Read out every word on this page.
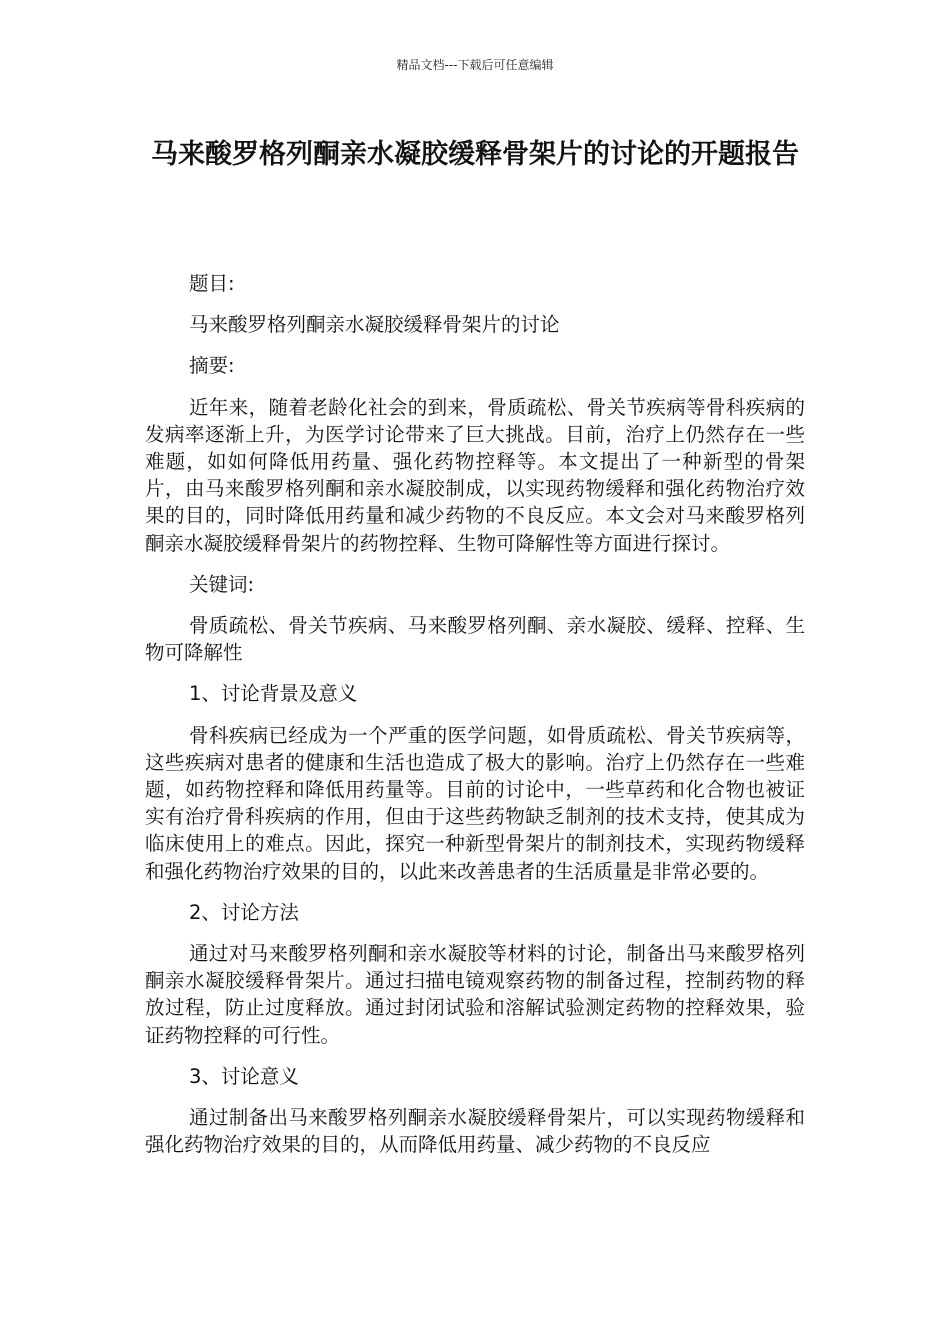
精品文档---下载后可任意编辑
马来酸罗格列酮亲水凝胶缓释骨架片的讨论的开题报告

题目:

马来酸罗格列酮亲水凝胶缓释骨架片的讨论

摘要:

近年来，随着老龄化社会的到来，骨质疏松、骨关节疾病等骨科疾病的发病率逐渐上升，为医学讨论带来了巨大挑战。目前，治疗上仍然存在一些难题，如如何降低用药量、强化药物控释等。本文提出了一种新型的骨架片，由马来酸罗格列酮和亲水凝胶制成，以实现药物缓释和强化药物治疗效果的目的，同时降低用药量和减少药物的不良反应。本文会对马来酸罗格列酮亲水凝胶缓释骨架片的药物控释、生物可降解性等方面进行探讨。

关键词:

骨质疏松、骨关节疾病、马来酸罗格列酮、亲水凝胶、缓释、控释、生物可降解性

1、讨论背景及意义

骨科疾病已经成为一个严重的医学问题，如骨质疏松、骨关节疾病等，这些疾病对患者的健康和生活也造成了极大的影响。治疗上仍然存在一些难题，如药物控释和降低用药量等。目前的讨论中，一些草药和化合物也被证实有治疗骨科疾病的作用，但由于这些药物缺乏制剂的技术支持，使其成为临床使用上的难点。因此，探究一种新型骨架片的制剂技术，实现药物缓释和强化药物治疗效果的目的，以此来改善患者的生活质量是非常必要的。

2、讨论方法

通过对马来酸罗格列酮和亲水凝胶等材料的讨论，制备出马来酸罗格列酮亲水凝胶缓释骨架片。通过扫描电镜观察药物的制备过程，控制药物的释放过程，防止过度释放。通过封闭试验和溶解试验测定药物的控释效果，验证药物控释的可行性。

3、讨论意义

通过制备出马来酸罗格列酮亲水凝胶缓释骨架片，可以实现药物缓释和强化药物治疗效果的目的，从而降低用药量、减少药物的不良反应
